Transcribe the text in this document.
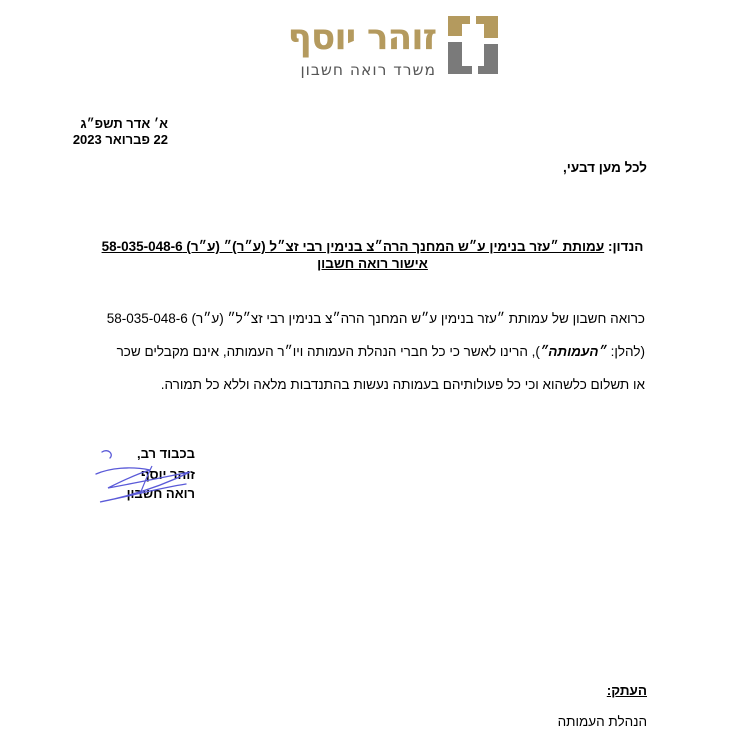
זוהר יוסף
משרד רואה חשבון
א׳ אדר תשפ״ג
22 פברואר 2023
לכל מען דבעי,
הנדון: עמותת ״עזר בנימין ע״ש המחנך הרה״צ בנימין רבי זצ״ל (ע״ר)״ (ע״ר) 58-035-048-6
אישור רואה חשבון

כרואה חשבון של עמותת ״עזר בנימין ע״ש המחנך הרה״צ בנימין רבי זצ״ל״ (ע״ר) 58-035-048-6

(להלן: ״העמותה״), הרינו לאשר כי כל חברי הנהלת העמותה ויו״ר העמותה, אינם מקבלים שכר

או תשלום כלשהוא וכי כל פעולותיהם בעמותה נעשות בהתנדבות מלאה וללא כל תמורה.

בכבוד רב,
זוהר יוסף
רואה חשבון
העתק:
הנהלת העמותה
